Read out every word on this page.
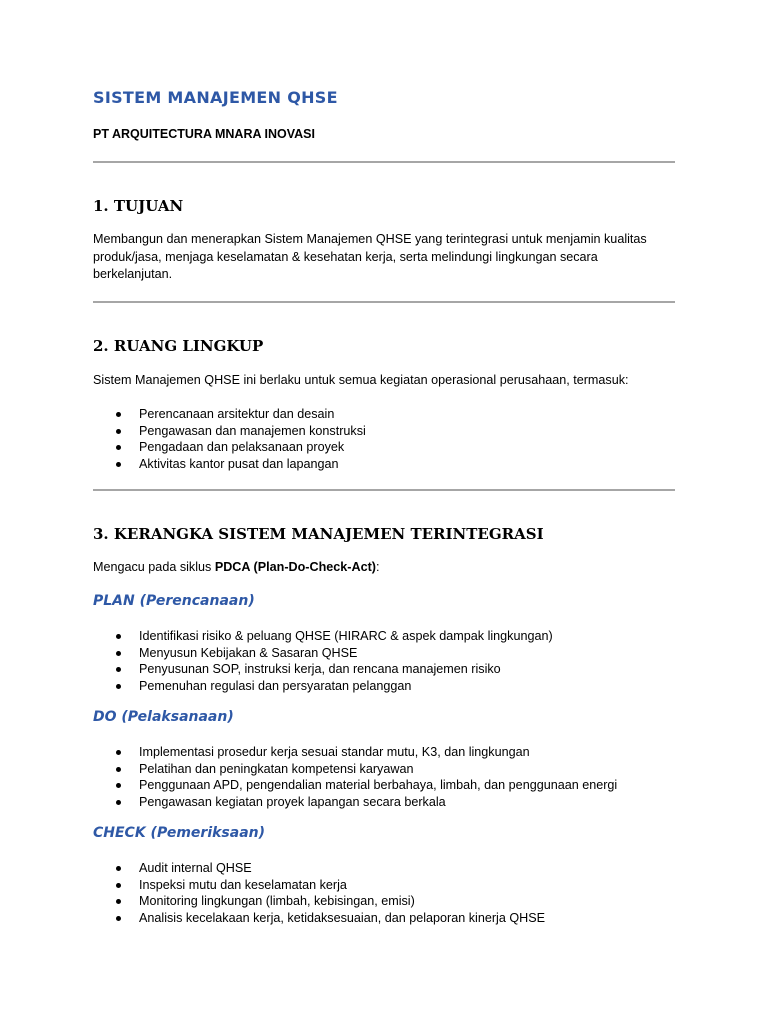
SISTEM MANAJEMEN QHSE
PT ARQUITECTURA MNARA INOVASI
1. TUJUAN
Membangun dan menerapkan Sistem Manajemen QHSE yang terintegrasi untuk menjamin kualitas
produk/jasa, menjaga keselamatan & kesehatan kerja, serta melindungi lingkungan secara
berkelanjutan.
2. RUANG LINGKUP
Sistem Manajemen QHSE ini berlaku untuk semua kegiatan operasional perusahaan, termasuk:
Perencanaan arsitektur dan desain
Pengawasan dan manajemen konstruksi
Pengadaan dan pelaksanaan proyek
Aktivitas kantor pusat dan lapangan
3. KERANGKA SISTEM MANAJEMEN TERINTEGRASI
Mengacu pada siklus PDCA (Plan-Do-Check-Act):
PLAN (Perencanaan)
Identifikasi risiko & peluang QHSE (HIRARC & aspek dampak lingkungan)
Menyusun Kebijakan & Sasaran QHSE
Penyusunan SOP, instruksi kerja, dan rencana manajemen risiko
Pemenuhan regulasi dan persyaratan pelanggan
DO (Pelaksanaan)
Implementasi prosedur kerja sesuai standar mutu, K3, dan lingkungan
Pelatihan dan peningkatan kompetensi karyawan
Penggunaan APD, pengendalian material berbahaya, limbah, dan penggunaan energi
Pengawasan kegiatan proyek lapangan secara berkala
CHECK (Pemeriksaan)
Audit internal QHSE
Inspeksi mutu dan keselamatan kerja
Monitoring lingkungan (limbah, kebisingan, emisi)
Analisis kecelakaan kerja, ketidaksesuaian, dan pelaporan kinerja QHSE
